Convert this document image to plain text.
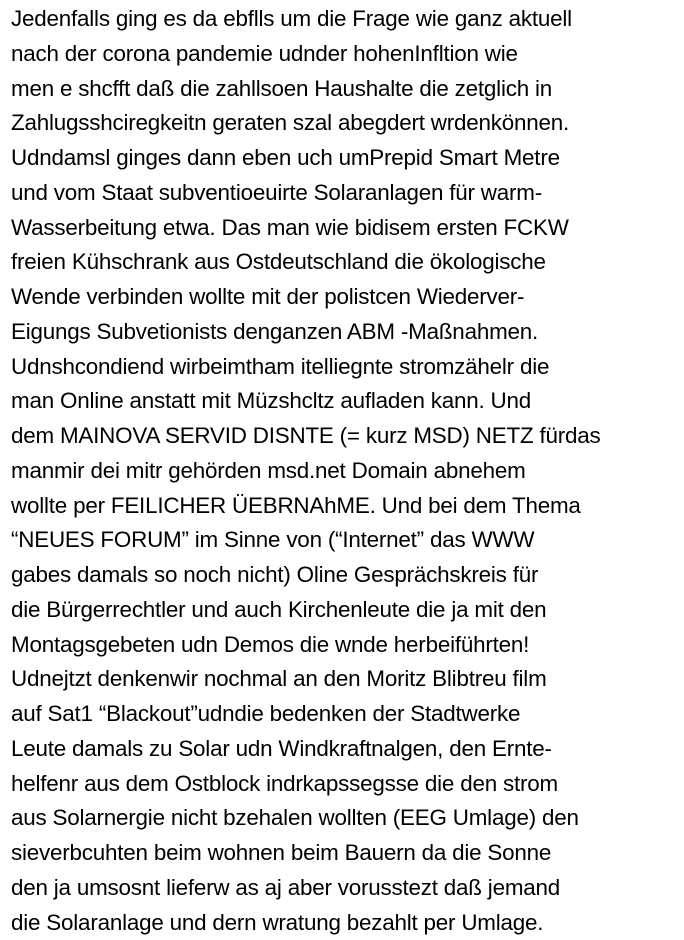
Jedenfalls ging es da ebflls um die Frage wie ganz aktuell
nach der corona pandemie udnder hohenInfltion wie
men e shcfft daß die zahllsoen Haushalte die zetglich in
Zahlugsshciregkeitn geraten szal abegdert wrdenkönnen.
Udndamsl ginges dann eben uch umPrepid Smart Metre
und vom Staat subventioeuirte Solaranlagen für warm-
Wasserbeitung etwa. Das man wie bidisem ersten FCKW
freien Kühschrank aus Ostdeutschland die ökologische
Wende verbinden wollte mit der polistcen Wiederver-
Eigungs Subvetionists denganzen ABM -Maßnahmen.
Udnshcondiend wirbeimtham itelliegnte stromzähelr die
man Online anstatt mit Müzshcltz aufladen kann. Und
dem MAINOVA SERVID DISNTE (= kurz MSD) NETZ fürdas
manmir dei mitr gehörden msd.net Domain abnehem
wollte per FEILICHER ÜEBRNAhME. Und bei dem Thema
“NEUES FORUM” im Sinne von (“Internet” das WWW
gabes damals so noch nicht) Oline Gesprächskreis für
die Bürgerrechtler und auch Kirchenleute die ja mit den
Montagsgebeten udn Demos die wnde herbeiführten!
Udnejtzt denkenwir nochmal an den Moritz Blibtreu film
auf Sat1 “Blackout”udndie bedenken der Stadtwerke
Leute damals zu Solar udn Windkraftnalgen, den Ernte-
helfenr aus dem Ostblock indrkapssegsse die den strom
aus Solarnergie nicht bzehalen wollten (EEG Umlage) den
sieverbcuhten beim wohnen beim Bauern da die Sonne
den ja umsosnt lieferw as aj aber vorusstezt daß jemand
die Solaranlage und dern wratung bezahlt per Umlage.
